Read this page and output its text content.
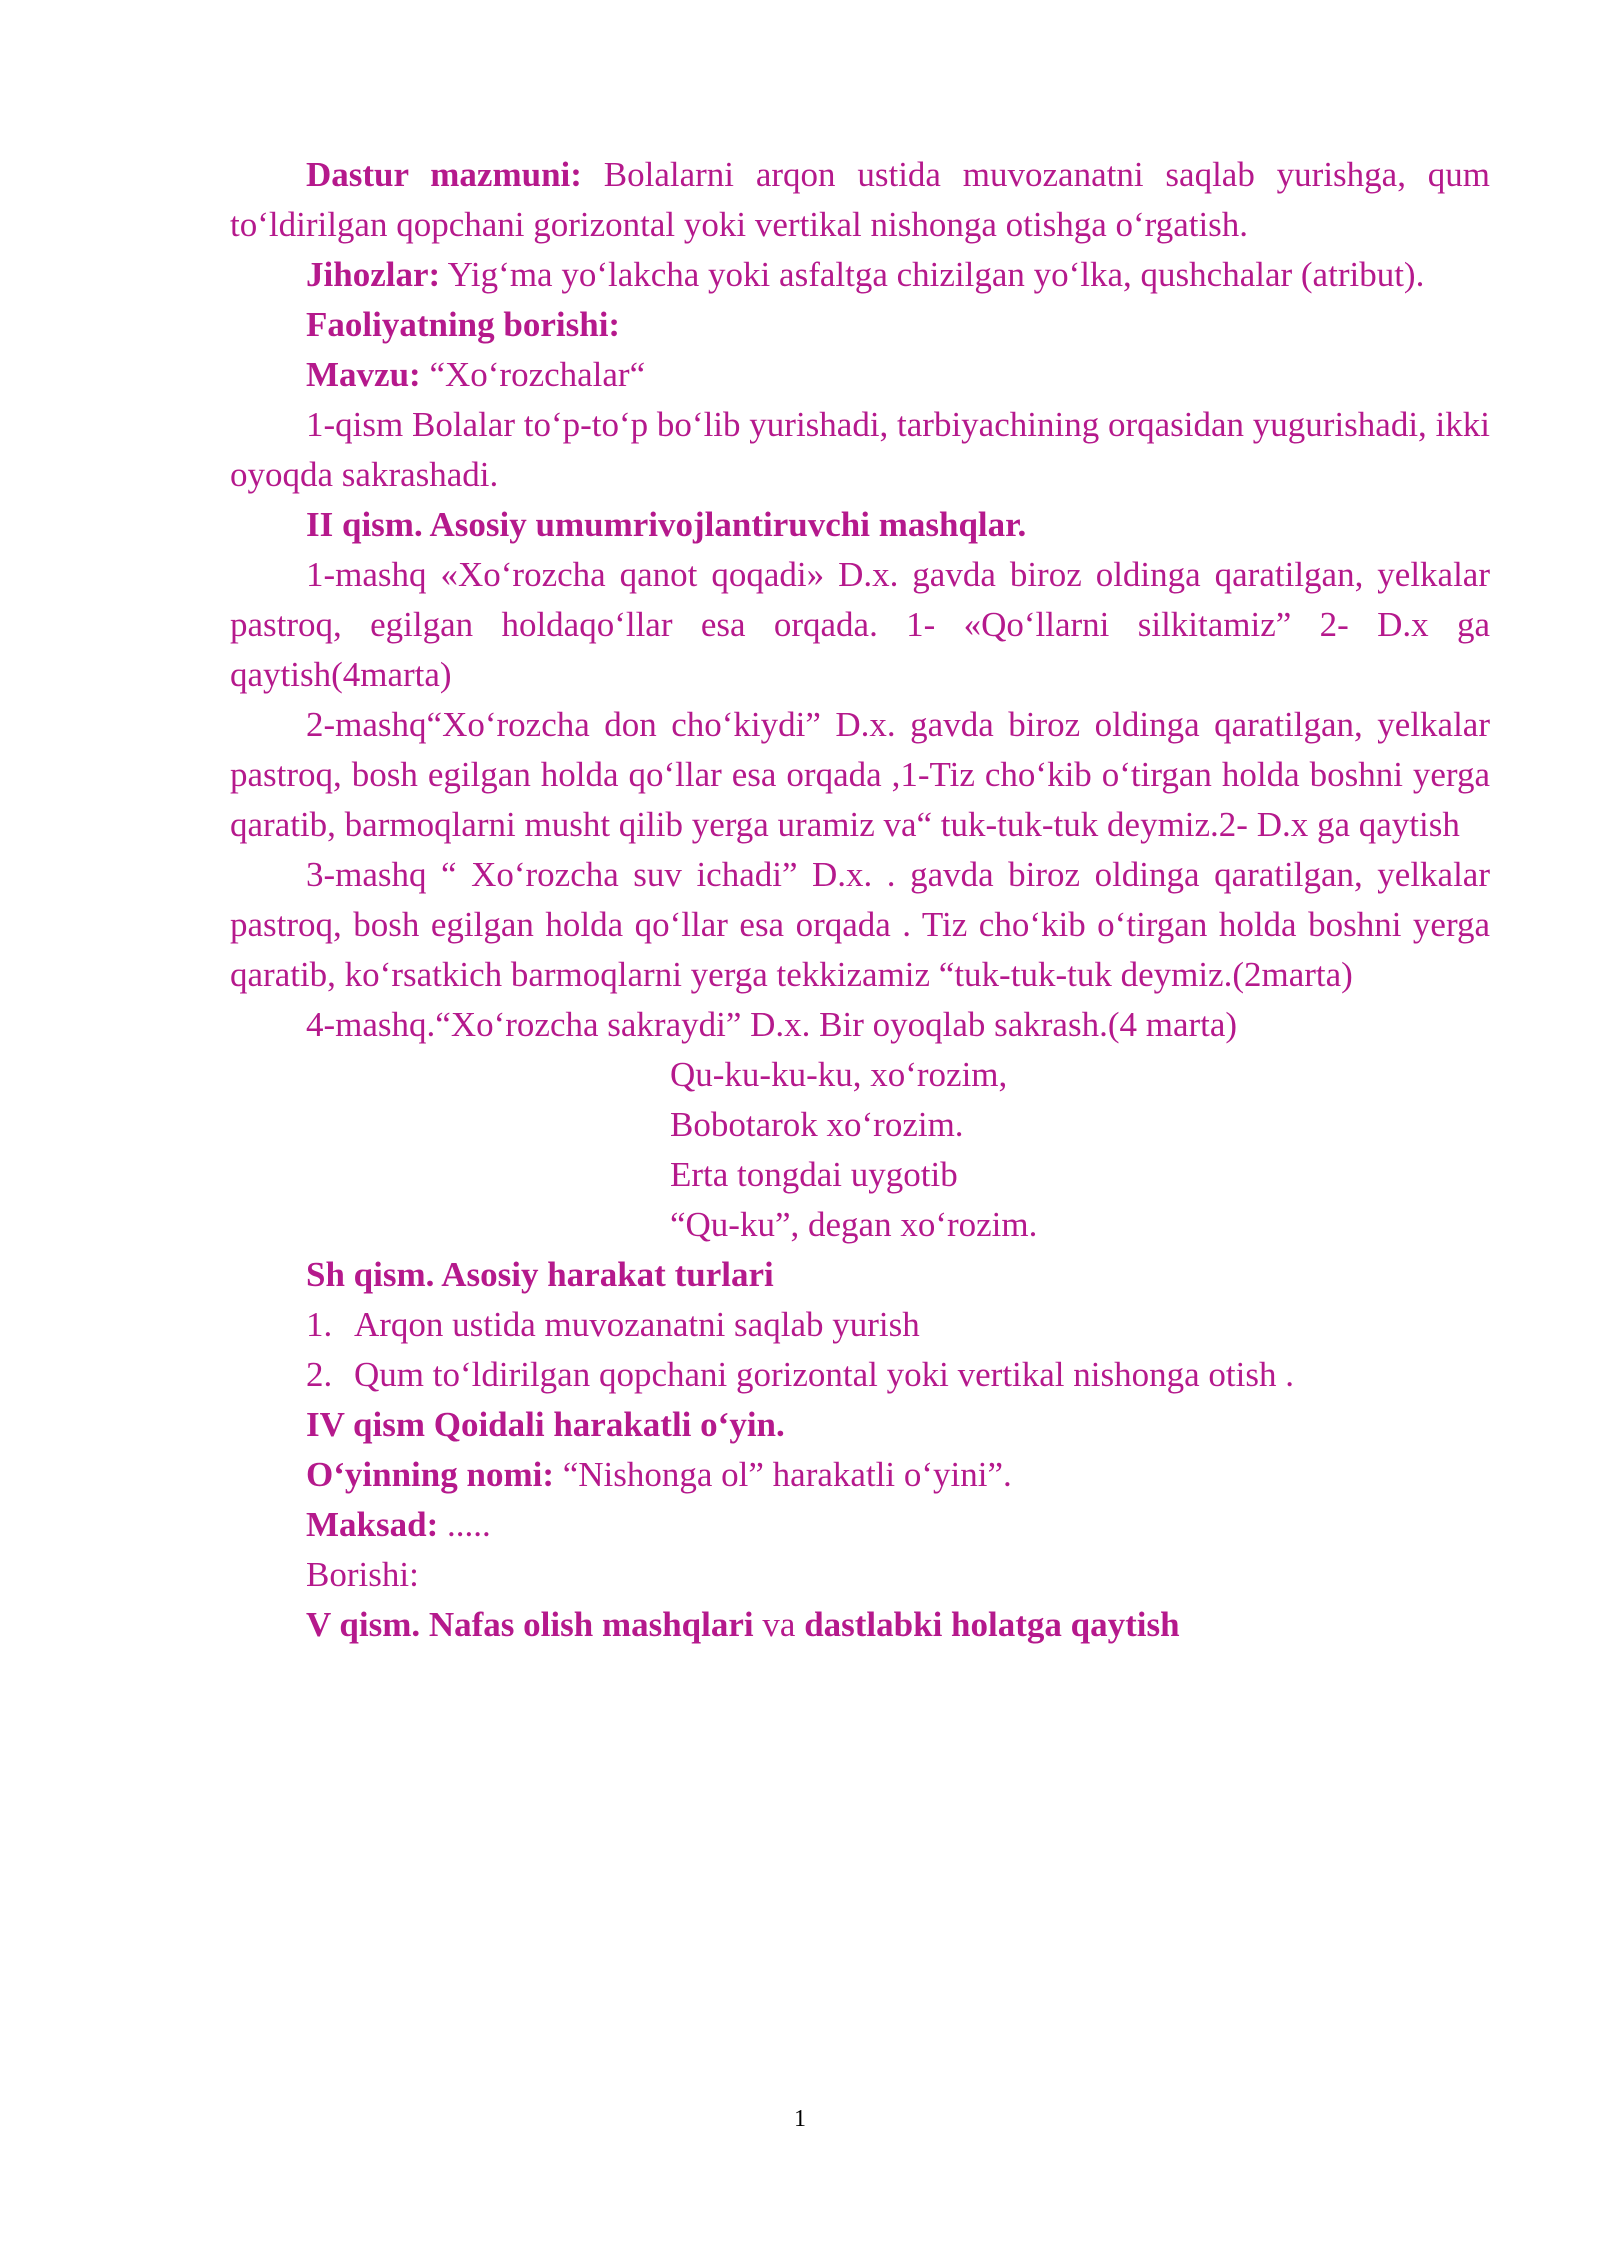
Dastur mazmuni: Bolalarni arqon ustida muvozanatni saqlab yurishga, qum to‘ldirilgan qopchani gorizontal yoki vertikal nishonga otishga o‘rgatish.

Jihozlar: Yig‘ma yo‘lakcha yoki asfaltga chizilgan yo‘lka, qushchalar (atribut).

Faoliyatning borishi:

Mavzu: “Xo‘rozchalar“

1-qism Bolalar to‘p-to‘p bo‘lib yurishadi, tarbiyachining orqasidan yugurishadi, ikki oyoqda sakrashadi.

II qism. Asosiy umumrivojlantiruvchi mashqlar.

1-mashq «Xo‘rozcha qanot qoqadi» D.x. gavda biroz oldinga qaratilgan, yelkalar pastroq, egilgan holdaqo‘llar esa orqada. 1- «Qo‘llarni silkitamiz” 2- D.x ga qaytish(4marta)

2-mashq“Xo‘rozcha don cho‘kiydi” D.x. gavda biroz oldinga qaratilgan, yelkalar pastroq, bosh egilgan holda qo‘llar esa orqada ,1-Tiz cho‘kib o‘tirgan holda boshni yerga qaratib, barmoqlarni musht qilib yerga uramiz va“ tuk-tuk-tuk deymiz.2- D.x ga qaytish

3-mashq “ Xo‘rozcha suv ichadi” D.x. . gavda biroz oldinga qaratilgan, yelkalar pastroq, bosh egilgan holda qo‘llar esa orqada . Tiz cho‘kib o‘tirgan holda boshni yerga qaratib, ko‘rsatkich barmoqlarni yerga tekkizamiz “tuk-tuk-tuk deymiz.(2marta)

4-mashq.“Xo‘rozcha sakraydi” D.x. Bir oyoqlab sakrash.(4 marta)

Qu-ku-ku-ku, xo‘rozim,
Bobotarok xo‘rozim.
Erta tongdai uygotib
“Qu-ku”, degan xo‘rozim.

Sh qism. Asosiy harakat turlari

1. Arqon ustida muvozanatni saqlab yurish
2. Qum to‘ldirilgan qopchani gorizontal yoki vertikal nishonga otish .

IV qism Qoidali harakatli o‘yin.

O‘yinning nomi: “Nishonga ol” harakatli o‘yini”.

Maksad: .....

Borishi:

V qism. Nafas olish mashqlari va dastlabki holatga qaytish

1
